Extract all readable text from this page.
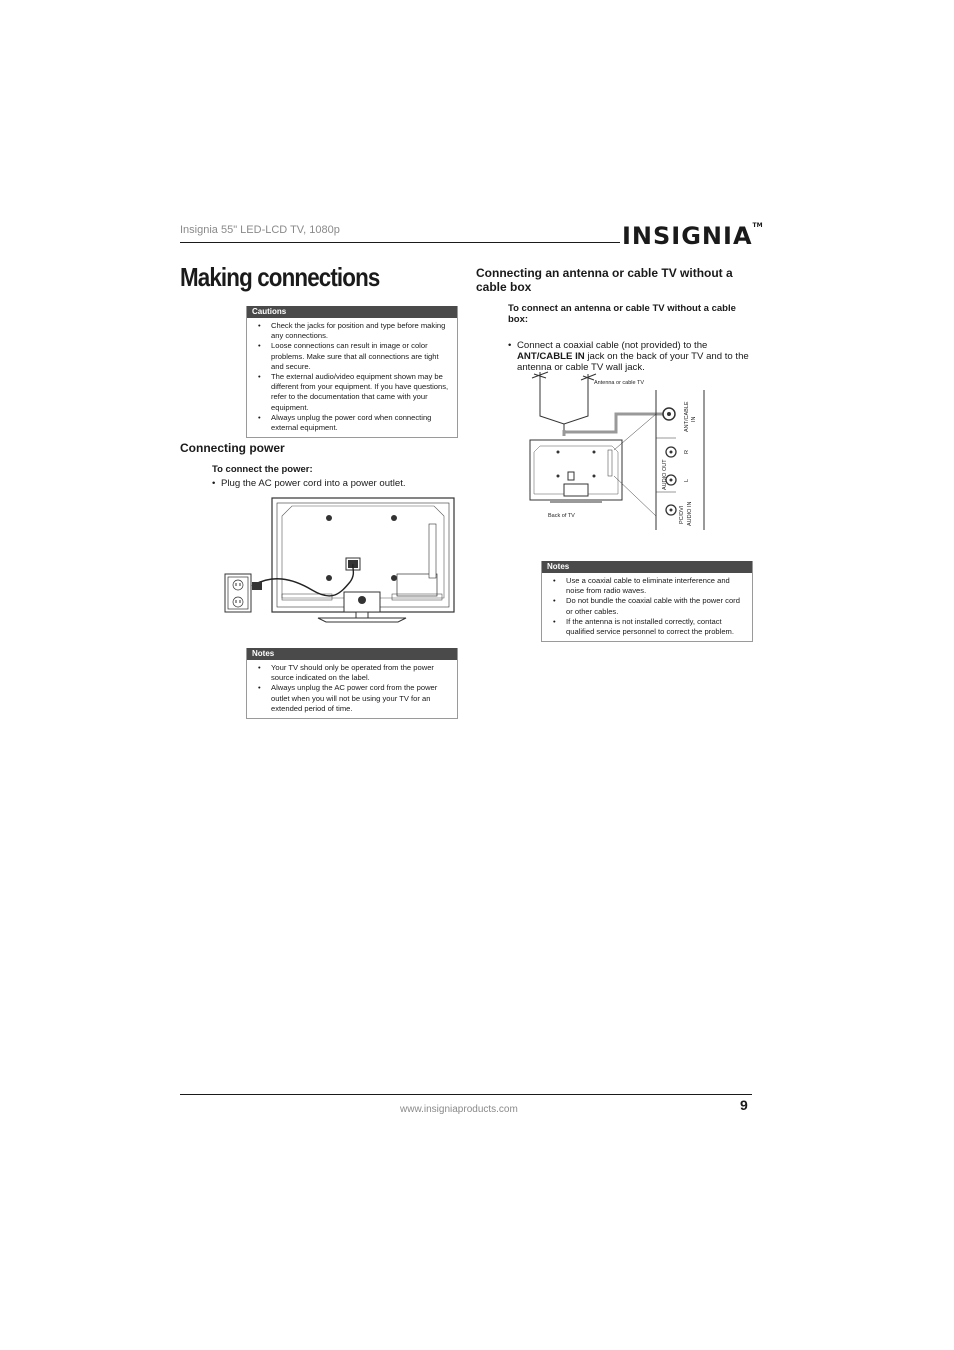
Insignia 55" LED-LCD TV, 1080p	INSIGNIA™
Making connections
Cautions
• Check the jacks for position and type before making any connections.
• Loose connections can result in image or color problems. Make sure that all connections are tight and secure.
• The external audio/video equipment shown may be different from your equipment. If you have questions, refer to the documentation that came with your equipment.
• Always unplug the power cord when connecting external equipment.
Connecting power
To connect the power:
• Plug the AC power cord into a power outlet.
Notes
• Your TV should only be operated from the power source indicated on the label.
• Always unplug the AC power cord from the power outlet when you will not be using your TV for an extended period of time.
Connecting an antenna or cable TV without a cable box
To connect an antenna or cable TV without a cable box:
• Connect a coaxial cable (not provided) to the ANT/CABLE IN jack on the back of your TV and to the antenna or cable TV wall jack.
Antenna or cable TV
Back of TV
ANT/CABLE IN
AUDIO OUT
R
L
PC/DVI AUDIO IN
Notes
• Use a coaxial cable to eliminate interference and noise from radio waves.
• Do not bundle the coaxial cable with the power cord or other cables.
• If the antenna is not installed correctly, contact qualified service personnel to correct the problem.
www.insigniaproducts.com	9
